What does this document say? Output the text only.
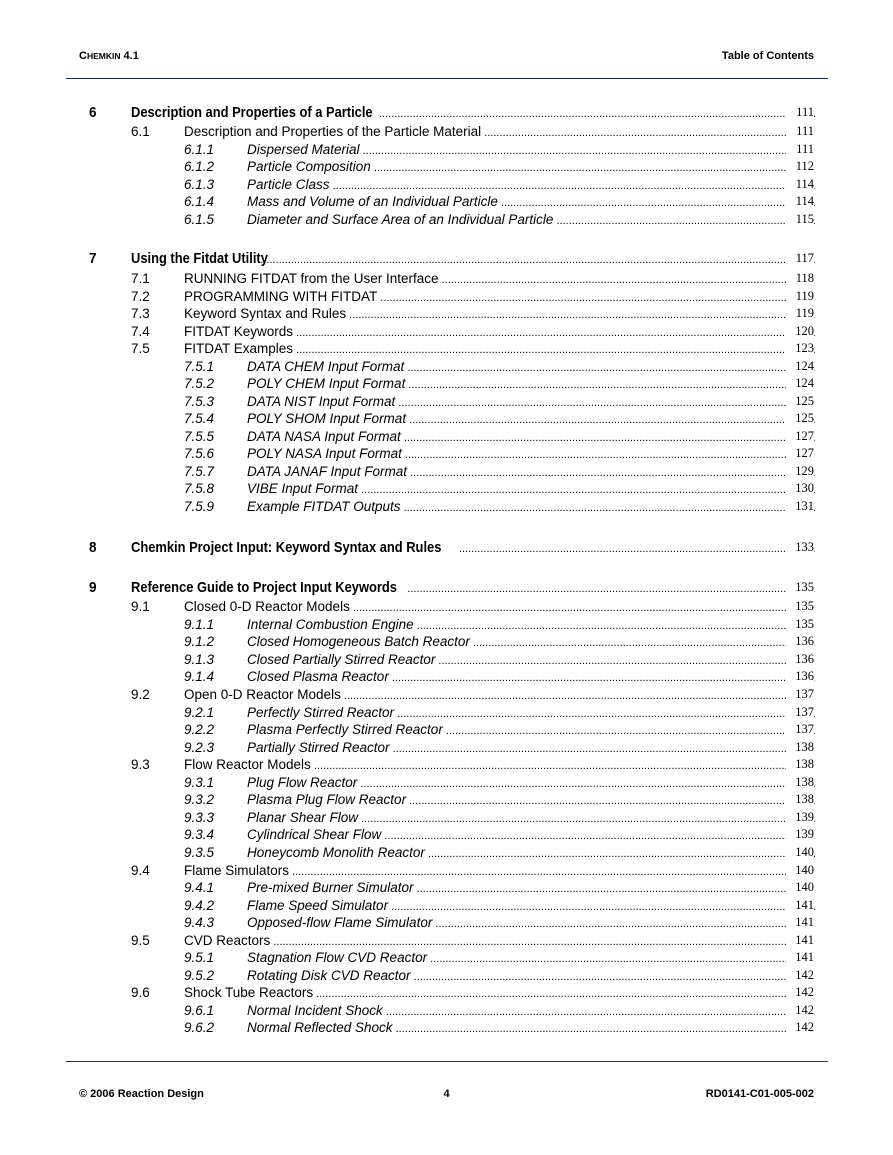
CHEMKIN 4.1	Table of Contents
6 Description and Properties of a Particle .....	111
6.1	Description and Properties of the Particle Material .....	111
6.1.1 Dispersed Material .....	111
6.1.2 Particle Composition .....	112
6.1.3 Particle Class .....	114
6.1.4 Mass and Volume of an Individual Particle .....	114
6.1.5 Diameter and Surface Area of an Individual Particle .....	115
7 Using the Fitdat Utility .....	117
7.1	RUNNING FITDAT from the User Interface .....	118
7.2	PROGRAMMING WITH FITDAT .....	119
7.3	Keyword Syntax and Rules .....	119
7.4	FITDAT Keywords .....	120
7.5	FITDAT Examples .....	123
7.5.1 DATA CHEM Input Format .....	124
7.5.2 POLY CHEM Input Format .....	124
7.5.3 DATA NIST Input Format .....	125
7.5.4 POLY SHOM Input Format .....	125
7.5.5 DATA NASA Input Format .....	127
7.5.6 POLY NASA Input Format .....	127
7.5.7 DATA JANAF Input Format .....	129
7.5.8 VIBE Input Format .....	130
7.5.9 Example FITDAT Outputs .....	131
8 Chemkin Project Input: Keyword Syntax and Rules .....	133
9 Reference Guide to Project Input Keywords .....	135
9.1	Closed 0-D Reactor Models .....	135
9.1.1 Internal Combustion Engine .....	135
9.1.2 Closed Homogeneous Batch Reactor .....	136
9.1.3 Closed Partially Stirred Reactor .....	136
9.1.4 Closed Plasma Reactor .....	136
9.2	Open 0-D Reactor Models .....	137
9.2.1 Perfectly Stirred Reactor .....	137
9.2.2 Plasma Perfectly Stirred Reactor .....	137
9.2.3 Partially Stirred Reactor .....	138
9.3	Flow Reactor Models .....	138
9.3.1 Plug Flow Reactor .....	138
9.3.2 Plasma Plug Flow Reactor .....	138
9.3.3 Planar Shear Flow .....	139
9.3.4 Cylindrical Shear Flow .....	139
9.3.5 Honeycomb Monolith Reactor .....	140
9.4	Flame Simulators .....	140
9.4.1 Pre-mixed Burner Simulator .....	140
9.4.2 Flame Speed Simulator .....	141
9.4.3 Opposed-flow Flame Simulator .....	141
9.5	CVD Reactors .....	141
9.5.1 Stagnation Flow CVD Reactor .....	141
9.5.2 Rotating Disk CVD Reactor .....	142
9.6	Shock Tube Reactors .....	142
9.6.1 Normal Incident Shock .....	142
9.6.2 Normal Reflected Shock .....	142
© 2006 Reaction Design	4	RD0141-C01-005-002
